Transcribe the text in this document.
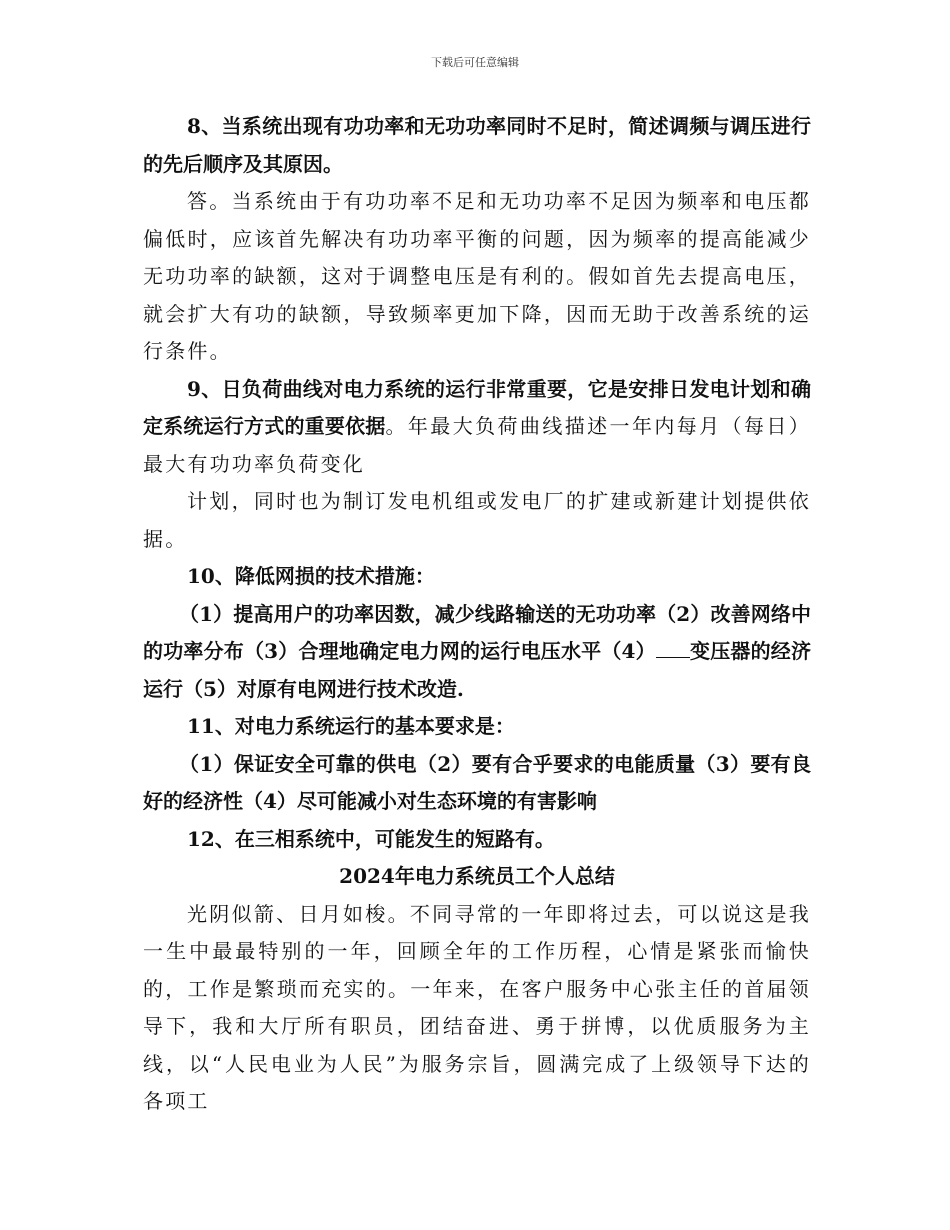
下载后可任意编辑

8、当系统出现有功功率和无功功率同时不足时，简述调频与调压进行的先后顺序及其原因。

答。当系统由于有功功率不足和无功功率不足因为频率和电压都偏低时，应该首先解决有功功率平衡的问题，因为频率的提高能减少无功功率的缺额，这对于调整电压是有利的。假如首先去提高电压，就会扩大有功的缺额，导致频率更加下降，因而无助于改善系统的运行条件。

9、日负荷曲线对电力系统的运行非常重要，它是安排日发电计划和确定系统运行方式的重要依据。年最大负荷曲线描述一年内每月（每日）最大有功功率负荷变化

计划，同时也为制订发电机组或发电厂的扩建或新建计划提供依据。

10、降低网损的技术措施：

（1）提高用户的功率因数，减少线路输送的无功功率（2）改善网络中的功率分布（3）合理地确定电力网的运行电压水平（4） 变压器的经济运行（5）对原有电网进行技术改造.

11、对电力系统运行的基本要求是：

（1）保证安全可靠的供电（2）要有合乎要求的电能质量（3）要有良好的经济性（4）尽可能减小对生态环境的有害影响

12、在三相系统中，可能发生的短路有。

2024年电力系统员工个人总结

光阴似箭、日月如梭。不同寻常的一年即将过去，可以说这是我一生中最最特别的一年，回顾全年的工作历程，心情是紧张而愉快的，工作是繁琐而充实的。一年来，在客户服务中心张主任的首届领导下，我和大厅所有职员，团结奋进、勇于拼博，以优质服务为主线，以“人民电业为人民”为服务宗旨，圆满完成了上级领导下达的各项工
